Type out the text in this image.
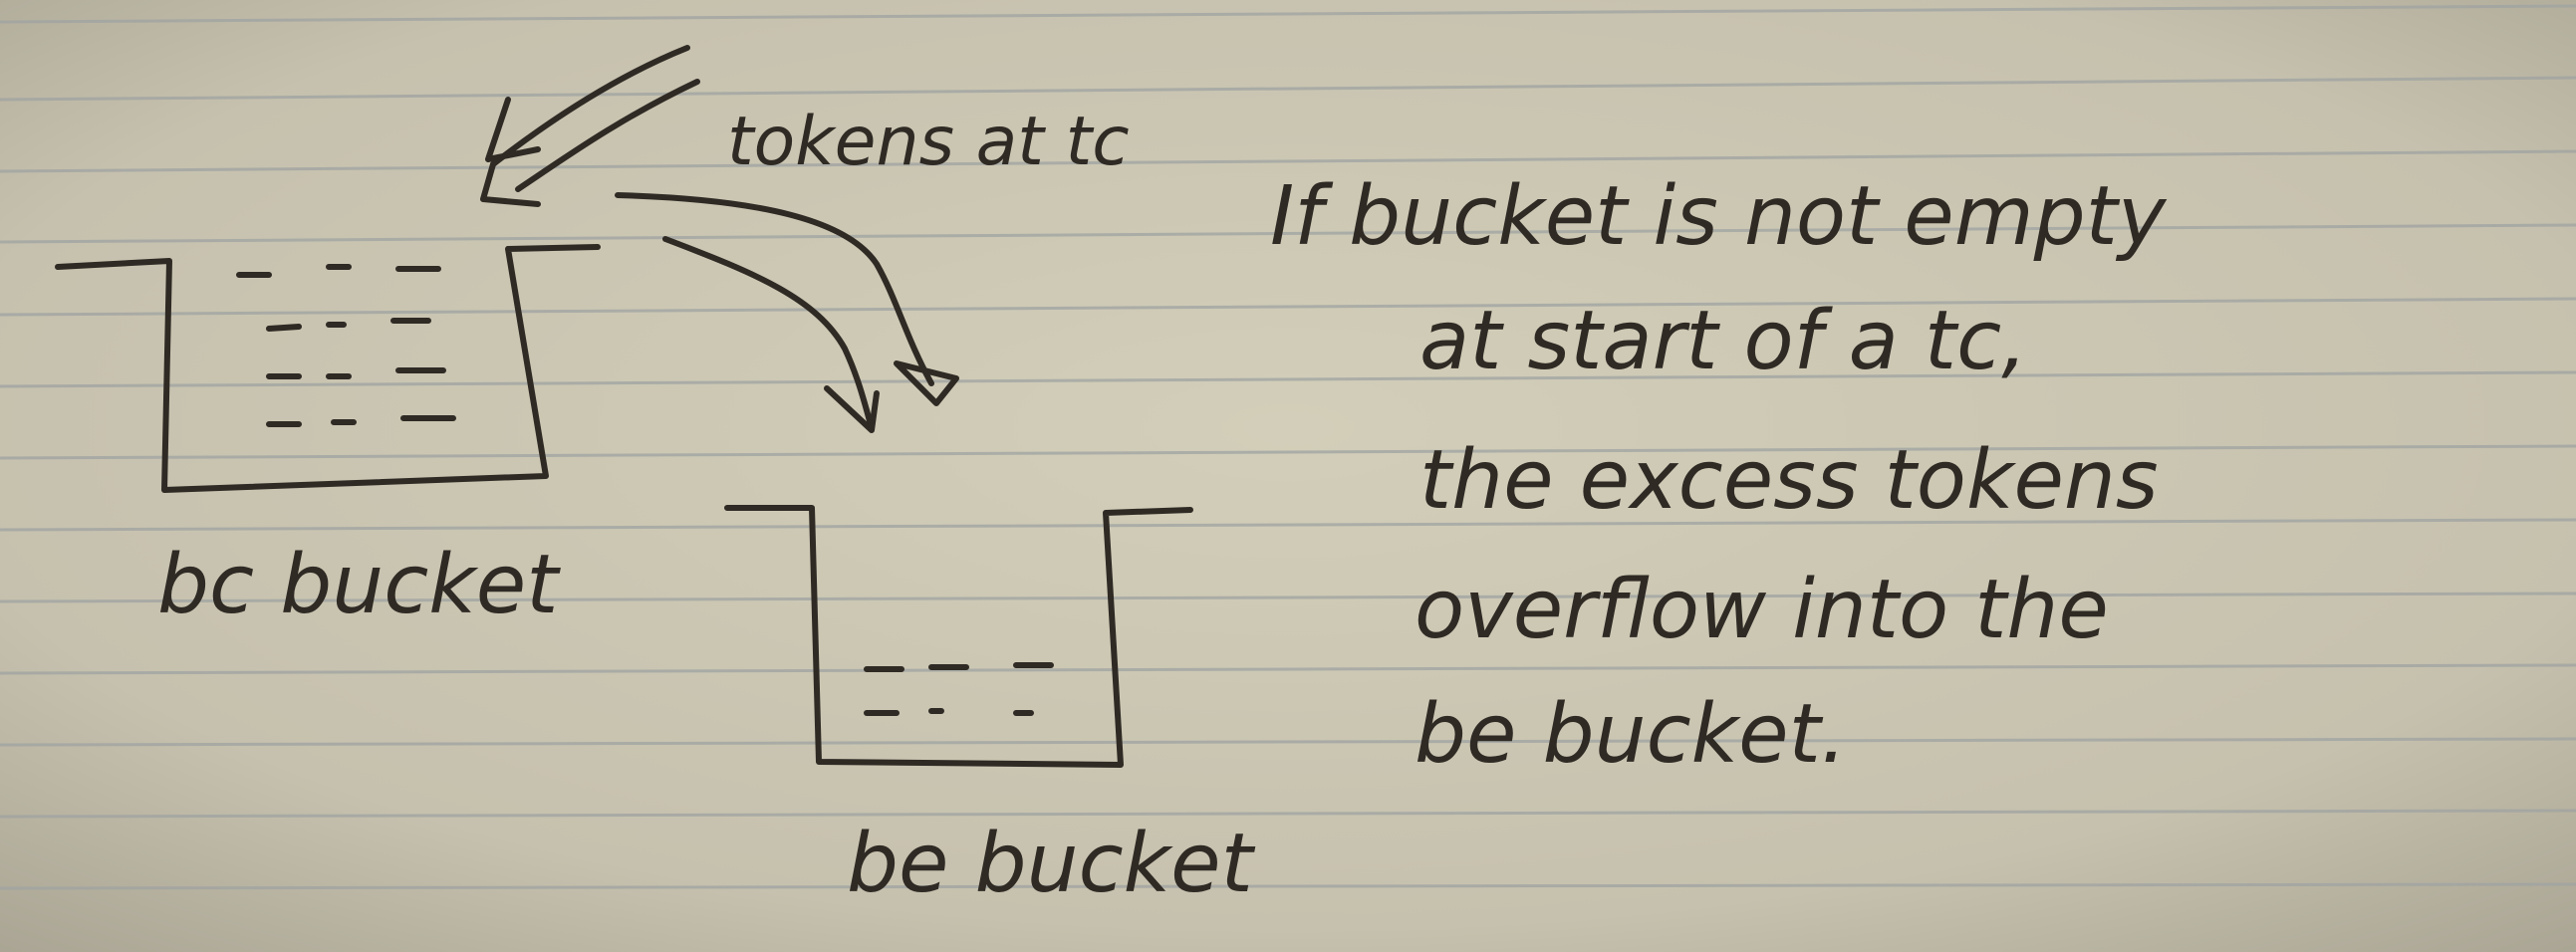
tokens at tc
bc bucket
be bucket
If bucket is not empty
at start of a tc,
the excess tokens
overflow into the
be bucket.
